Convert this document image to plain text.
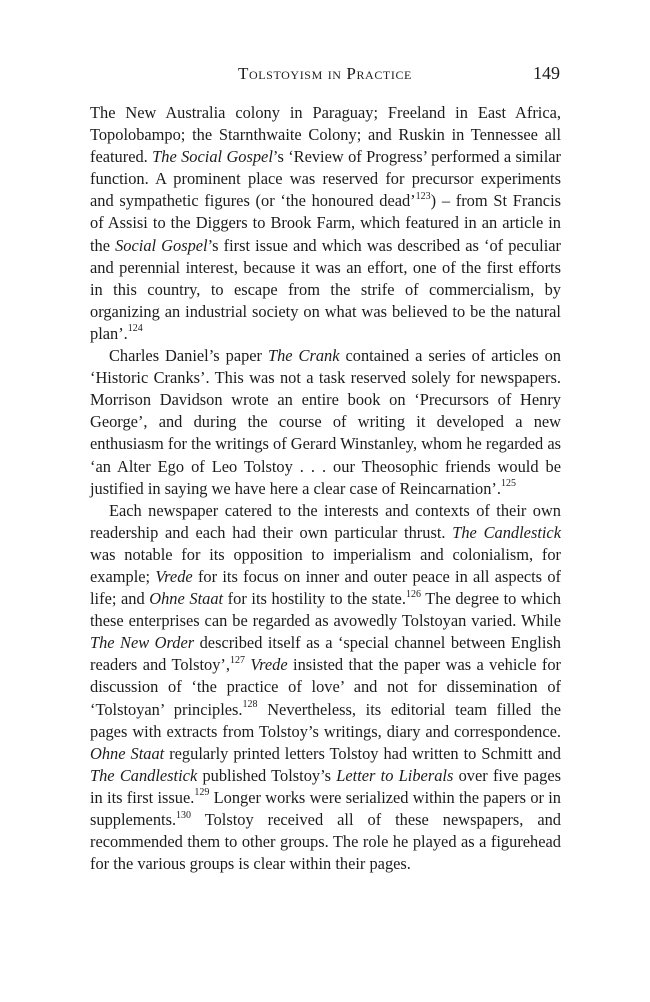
Tolstoyism in Practice	149

The New Australia colony in Paraguay; Freeland in East Africa, Topolobampo; the Starnthwaite Colony; and Ruskin in Tennessee all featured. The Social Gospel’s ‘Review of Progress’ performed a similar function. A prominent place was reserved for precursor experiments and sympathetic figures (or ‘the honoured dead’$^{123}$) – from St Francis of Assisi to the Diggers to Brook Farm, which featured in an article in the Social Gospel’s first issue and which was described as ‘of peculiar and perennial interest, because it was an effort, one of the first efforts in this country, to escape from the strife of commercialism, by organizing an industrial society on what was believed to be the natural plan’.$^{124}$

Charles Daniel’s paper The Crank contained a series of articles on ‘Historic Cranks’. This was not a task reserved solely for newspapers. Morrison Davidson wrote an entire book on ‘Precursors of Henry George’, and during the course of writing it developed a new enthusiasm for the writings of Gerard Winstanley, whom he regarded as ‘an Alter Ego of Leo Tolstoy . . . our Theosophic friends would be justified in saying we have here a clear case of Reincarnation’.$^{125}$

Each newspaper catered to the interests and contexts of their own readership and each had their own particular thrust. The Candlestick was notable for its opposition to imperialism and colonialism, for example; Vrede for its focus on inner and outer peace in all aspects of life; and Ohne Staat for its hostility to the state.$^{126}$ The degree to which these enterprises can be regarded as avowedly Tolstoyan varied. While The New Order described itself as a ‘special channel between English readers and Tolstoy’,$^{127}$ Vrede insisted that the paper was a vehicle for discussion of ‘the practice of love’ and not for dissemination of ‘Tolstoyan’ principles.$^{128}$ Nevertheless, its editorial team filled the pages with extracts from Tolstoy’s writings, diary and correspondence. Ohne Staat regularly printed letters Tolstoy had written to Schmitt and The Candlestick published Tolstoy’s Letter to Liberals over five pages in its first issue.$^{129}$ Longer works were serialized within the papers or in supplements.$^{130}$ Tolstoy received all of these newspapers, and recommended them to other groups. The role he played as a figurehead for the various groups is clear within their pages.
